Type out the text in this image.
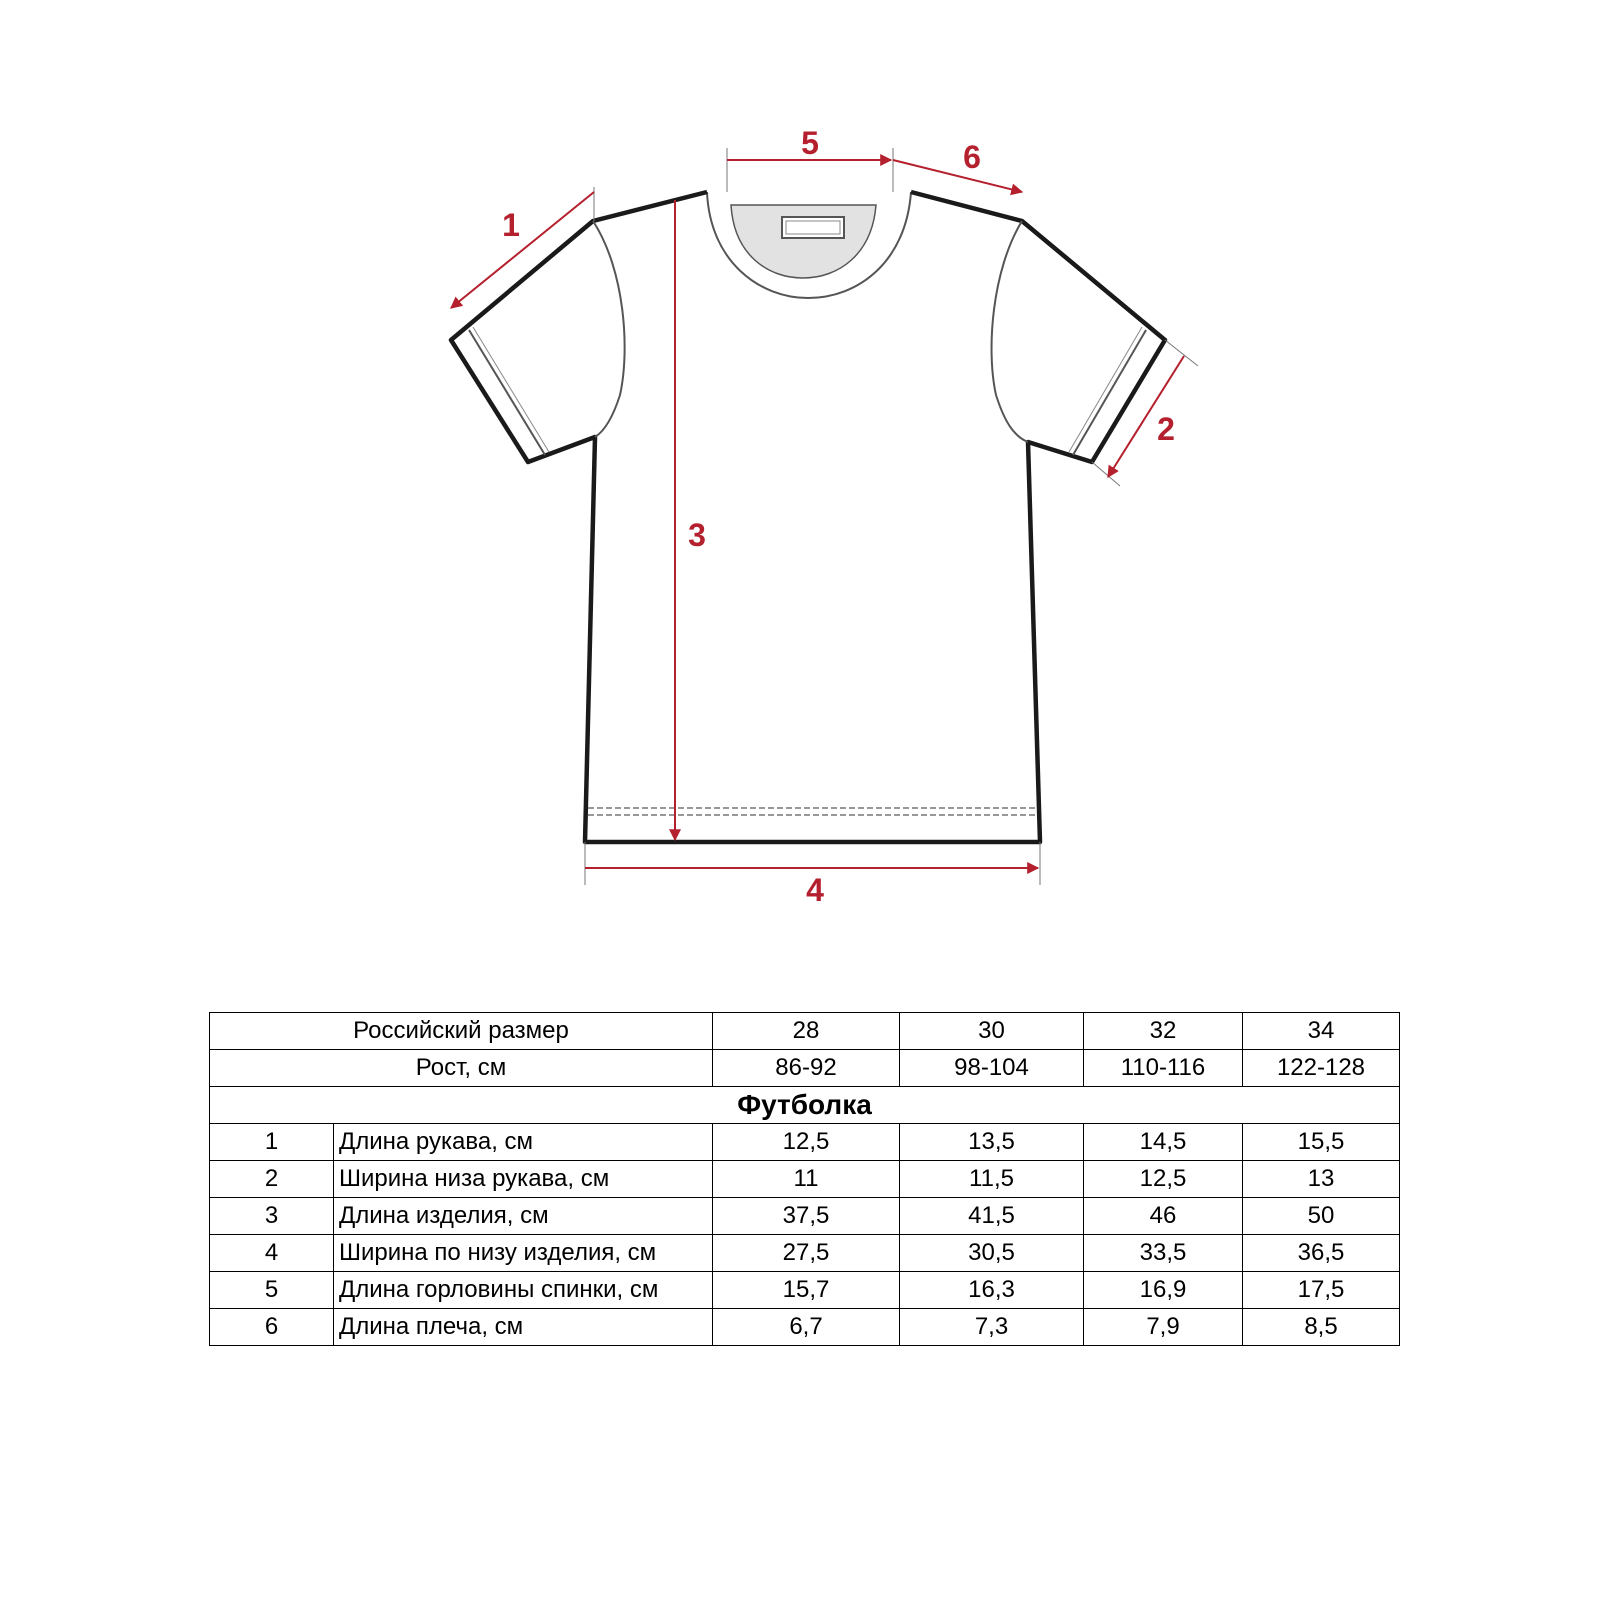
5	6
1
2
3
4
Российский размер		28	30	32	34
Рост, см		86-92	98-104	110-116	122-128
Футболка					
1	Длина рукава, см	12,5	13,5	14,5	15,5
2	Ширина низа рукава, см	11	11,5	12,5	13
3	Длина изделия, см	37,5	41,5	46	50
4	Ширина по низу изделия, см	27,5	30,5	33,5	36,5
5	Длина горловины спинки, см	15,7	16,3	16,9	17,5
6	Длина плеча, см	6,7	7,3	7,9	8,5
